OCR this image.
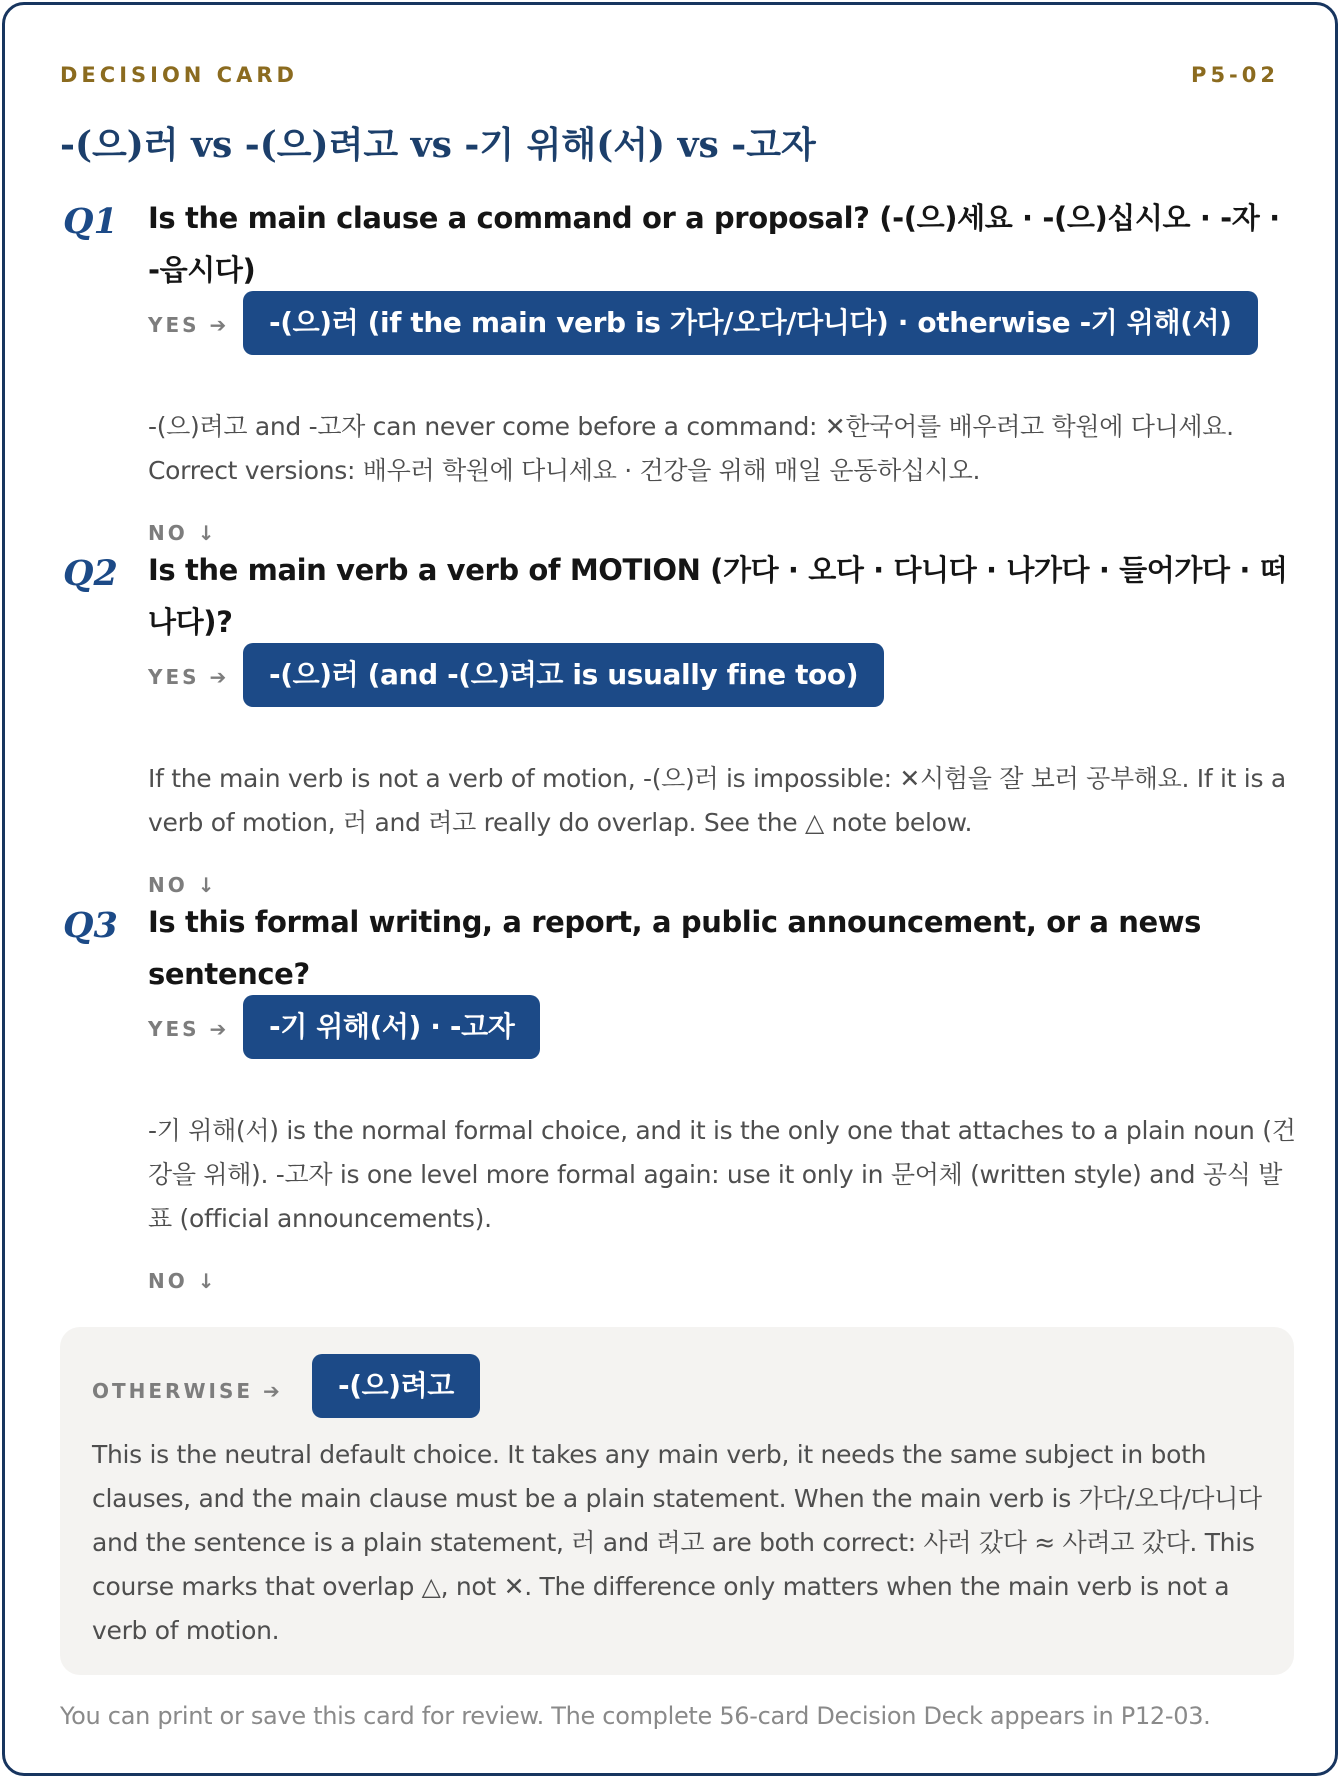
DECISION CARD	P5-02
-(으)러 vs -(으)려고 vs -기 위해(서) vs -고자
Q1 Is the main clause a command or a proposal? (-(으)세요 · -(으)십시오 · -자 · -읍시다)
YES ➔	-(으)러 (if the main verb is 가다/오다/다니다) · otherwise -기 위해(서)
-(으)려고 and -고자 can never come before a command: ✕한국어를 배우려고 학원에 다니세요. Correct versions: 배우러 학원에 다니세요 · 건강을 위해 매일 운동하십시오.
NO ↓
Q2 Is the main verb a verb of MOTION (가다 · 오다 · 다니다 · 나가다 · 들어가다 · 떠나다)?
YES ➔	-(으)러 (and -(으)려고 is usually fine too)
If the main verb is not a verb of motion, -(으)러 is impossible: ✕시험을 잘 보러 공부해요. If it is a verb of motion, 러 and 려고 really do overlap. See the △ note below.
NO ↓
Q3 Is this formal writing, a report, a public announcement, or a news sentence?
YES ➔	-기 위해(서) · -고자
-기 위해(서) is the normal formal choice, and it is the only one that attaches to a plain noun (건강을 위해). -고자 is one level more formal again: use it only in 문어체 (written style) and 공식 발표 (official announcements).
NO ↓
OTHERWISE ➔	-(으)려고
This is the neutral default choice. It takes any main verb, it needs the same subject in both clauses, and the main clause must be a plain statement. When the main verb is 가다/오다/다니다 and the sentence is a plain statement, 러 and 려고 are both correct: 사러 갔다 ≈ 사려고 갔다. This course marks that overlap △, not ✕. The difference only matters when the main verb is not a verb of motion.
You can print or save this card for review. The complete 56-card Decision Deck appears in P12-03.
